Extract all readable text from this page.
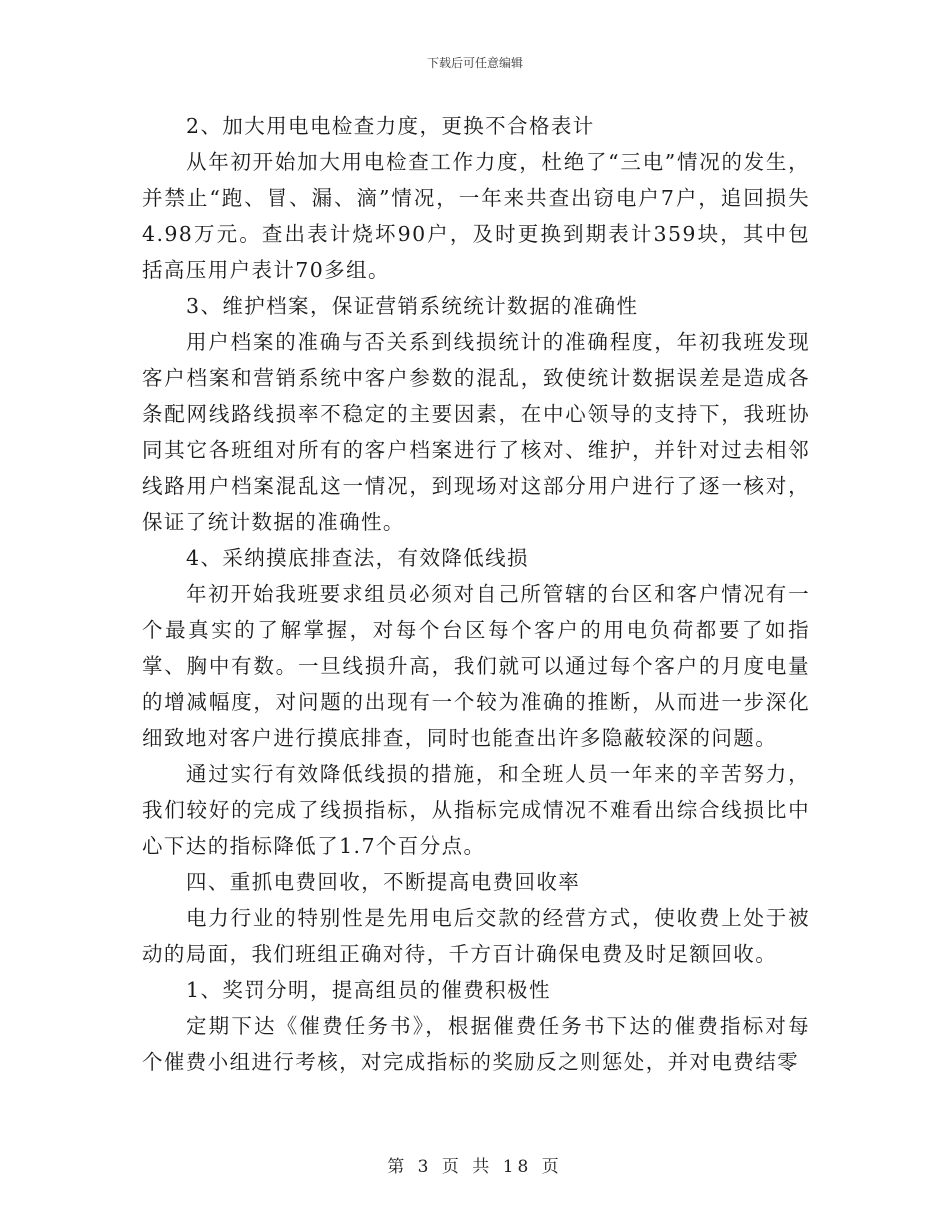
下载后可任意编辑

2、加大用电电检查力度，更换不合格表计

从年初开始加大用电检查工作力度，杜绝了“三电”情况的发生，并禁止“跑、冒、漏、滴”情况，一年来共查出窃电户7户，追回损失4.98万元。查出表计烧坏90户，及时更换到期表计359块，其中包括高压用户表计70多组。

3、维护档案，保证营销系统统计数据的准确性

用户档案的准确与否关系到线损统计的准确程度，年初我班发现客户档案和营销系统中客户参数的混乱，致使统计数据误差是造成各条配网线路线损率不稳定的主要因素，在中心领导的支持下，我班协同其它各班组对所有的客户档案进行了核对、维护，并针对过去相邻线路用户档案混乱这一情况，到现场对这部分用户进行了逐一核对，保证了统计数据的准确性。

4、采纳摸底排查法，有效降低线损

年初开始我班要求组员必须对自己所管辖的台区和客户情况有一个最真实的了解掌握，对每个台区每个客户的用电负荷都要了如指掌、胸中有数。一旦线损升高，我们就可以通过每个客户的月度电量的增减幅度，对问题的出现有一个较为准确的推断，从而进一步深化细致地对客户进行摸底排查，同时也能查出许多隐蔽较深的问题。

通过实行有效降低线损的措施，和全班人员一年来的辛苦努力，我们较好的完成了线损指标，从指标完成情况不难看出综合线损比中心下达的指标降低了1.7个百分点。

四、重抓电费回收，不断提高电费回收率

电力行业的特别性是先用电后交款的经营方式，使收费上处于被动的局面，我们班组正确对待，千方百计确保电费及时足额回收。

1、奖罚分明，提高组员的催费积极性

定期下达《催费任务书》，根据催费任务书下达的催费指标对每个催费小组进行考核，对完成指标的奖励反之则惩处，并对电费结零

第 3 页 共 18 页
